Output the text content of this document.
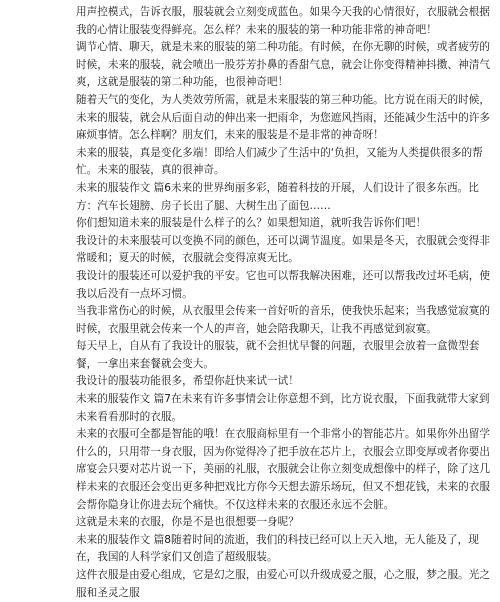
用声控模式，告诉衣服，服装就会立刻变成蓝色。如果今天我的心情很好，衣服就会根据
我的心情让服装变得鲜亮。怎么样？未来的服装的第一种功能非常的神奇吧！
调节心情、聊天，就是未来的服装的第二种功能。有时候，在你无聊的时候，或者疲劳的
时候，未来的服装，就会喷出一股芬芳扑鼻的香甜气息，就会让你变得精神抖擞、神清气
爽，这就是服装的第二种功能，也很神奇吧！
随着天气的变化，为人类效劳所需，就是未来服装的第三种功能。比方说在雨天的时候，
未来的服装，就会从后面自动的伸出来一把雨伞，为您遮风挡雨，还能减少生活中的许多
麻烦事情。怎么样啊？朋友们，未来的服装是不是非常的神奇呀！
未来的服装，真是变化多端！即给人们减少了生活中的‘负担，又能为人类提供很多的帮
忙。未来的服装，真的很神奇。
未来的服装作文 篇6未来的世界绚丽多彩，随着科技的开展，人们设计了很多东西。比
方：汽车长翅膀、房子长出了腿、大树生出了面包……
你们想知道未来的服装是什么样子的么？如果想知道，就听我告诉你们吧！
我设计的未来服装可以变换不同的颜色，还可以调节温度。如果是冬天，衣服就会变得非
常暖和；夏天的时候，衣服就会变得凉爽无比。
我设计的服装还可以爱护我的平安。它也可以帮我解决困难，还可以帮我改过坏毛病，使
我以后没有一点坏习惯。
当我非常伤心的时候，从衣服里会传来一首好听的音乐，使我快乐起来；当我感觉寂寞的
时候，衣服里就会传来一个人的声音，她会陪我聊天，让我不再感觉到寂寞。
每天早上，自从有了我设计的服装，就不会担忧早餐的问题，衣服里会放着一盒微型套
餐，一拿出来套餐就会变大。
我设计的服装功能很多，希望你赶快来试一试！
未来的服装作文 篇7在未来有许多事情会让你意想不到，比方说衣服，下面我就带大家到
未来看看那时的衣服。
未来的衣服可全都是智能的哦！在衣服商标里有一个非常小的智能芯片。如果你外出留学
什么的，只用带一身衣服，因为你觉得冷了把手放在芯片上，衣服会立即变厚或者你要出
席宴会只要对芯片说一下，美丽的礼服，衣服就会让你立刻变成想像中的样子，除了这几
样未来的衣服还会变出更多种把戏比方你今天想去游乐场玩，但又不想花钱，未来的衣服
会帮你隐身让你进去玩个痛快。不仅这样未来的衣服还永远不会脏。
这就是未来的衣服，你是不是也很想要一身呢？
未来的服装作文 篇8随着时间的流逝，我们的科技已经可以上天入地，无人能及了，现
在，我国的人科学家们又创造了超级服装。
这件衣服是由爱心组成，它是幻之服，由爱心可以升级成爱之服，心之服，梦之服。光之
服和圣灵之服
